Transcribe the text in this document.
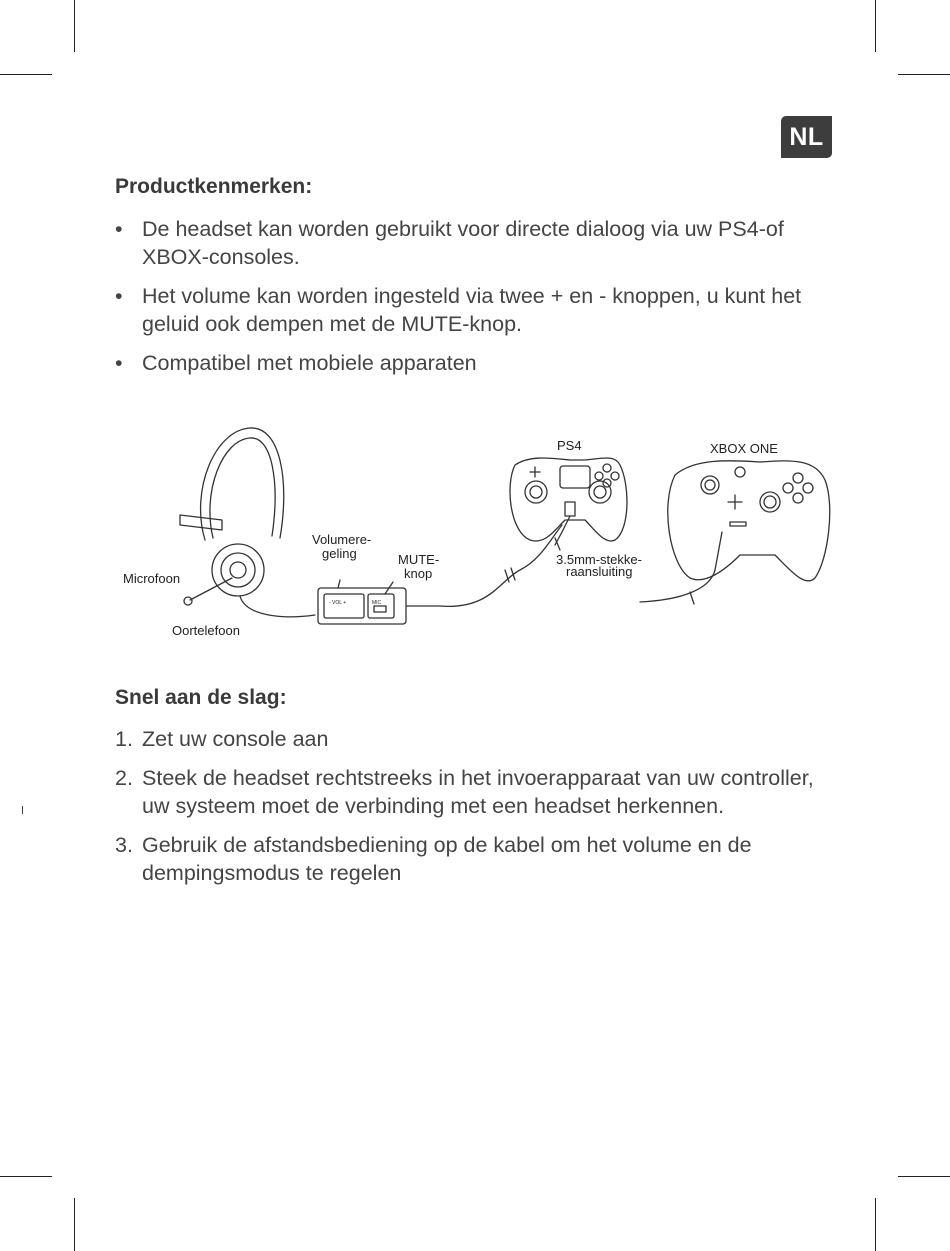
NL
Productkenmerken:
• De headset kan worden gebruikt voor directe dialoog via uw PS4-of XBOX-consoles.
• Het volume kan worden ingesteld via twee + en - knoppen, u kunt het geluid ook dempen met de MUTE-knop.
• Compatibel met mobiele apparaten
PS4	XBOX ONE
Volumere-
geling	MUTE-
knop
3.5mm-stekke-
raansluiting
Microfoon
Oortelefoon
- VOL +	MIC
Snel aan de slag:
1. Zet uw console aan
2. Steek de headset rechtstreeks in het invoerapparaat van uw controller, uw systeem moet de verbinding met een headset herkennen.
3. Gebruik de afstandsbediening op de kabel om het volume en de dempingsmodus te regelen
